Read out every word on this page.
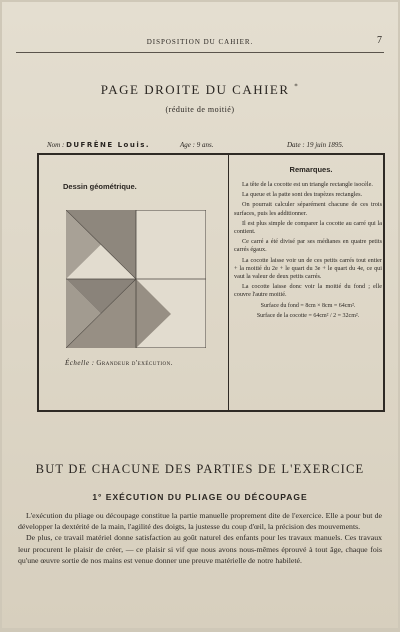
DISPOSITION DU CAHIER.	7
PAGE DROITE DU CAHIER *
(réduite de moitié)
Nom : DUFRÊNE Louis.	Age : 9 ans.	Date : 19 juin 1895.
Dessin géométrique.
Échelle : Grandeur d'exécution.
Remarques.

La tête de la cocotte est un triangle rectangle isocèle.

La queue et la patte sont des trapèzes rectangles.

On pourrait calculer séparément chacune de ces trois surfaces, puis les additionner.

Il est plus simple de comparer la cocotte au carré qui la contient.

Ce carré a été divisé par ses médianes en quatre petits carrés égaux.

La cocotte laisse voir un de ces petits carrés tout entier + la moitié du 2e + le quart du 3e + le quart du 4e, ce qui vaut la valeur de deux petits carrés.

La cocotte laisse donc voir la moitié du fond ; elle couvre l'autre moitié.

Surface du fond = 8cm × 8cm = 64cm².
Surface de la cocotte = 64cm² / 2 = 32cm².
BUT DE CHACUNE DES PARTIES DE L'EXERCICE
1° EXÉCUTION DU PLIAGE OU DÉCOUPAGE

L'exécution du pliage ou découpage constitue la partie manuelle proprement dite de l'exercice. Elle a pour but de développer la dextérité de la main, l'agilité des doigts, la justesse du coup d'œil, la précision des mouvements.

De plus, ce travail matériel donne satisfaction au goût naturel des enfants pour les travaux manuels. Ces travaux leur procurent le plaisir de créer, — ce plaisir si vif que nous avons nous-mêmes éprouvé à tout âge, chaque fois qu'une œuvre sortie de nos mains est venue donner une preuve matérielle de notre habileté.
